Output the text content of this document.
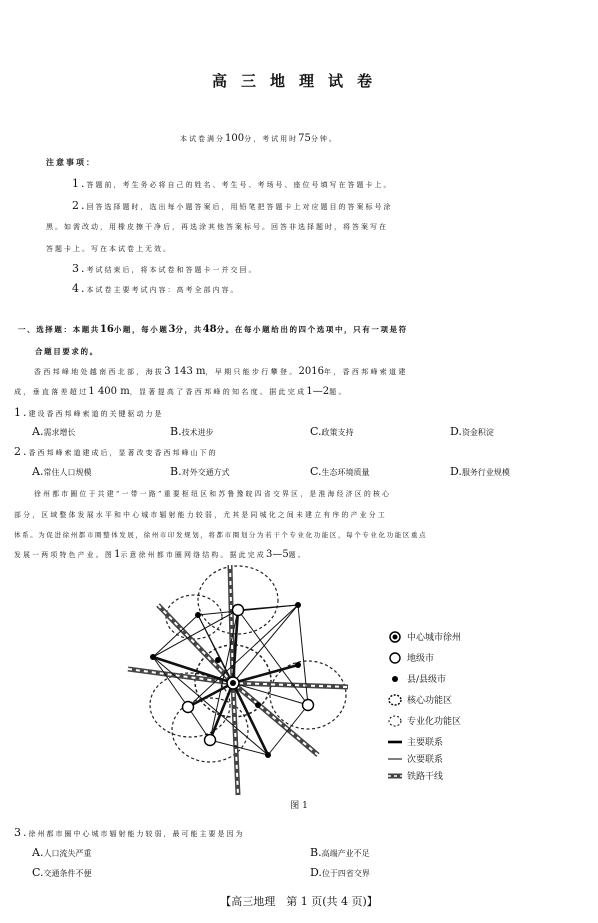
高三地理试卷
本试卷满分100分，考试用时75分钟。
注意事项：
1.答题前，考生务必将自己的姓名、考生号、考场号、座位号填写在答题卡上。
2.回答选择题时，选出每小题答案后，用铅笔把答题卡上对应题目的答案标号涂
黑。如需改动，用橡皮擦干净后，再选涂其他答案标号。回答非选择题时，将答案写在
答题卡上。写在本试卷上无效。
3.考试结束后，将本试卷和答题卡一并交回。
4.本试卷主要考试内容：高考全部内容。
一、选择题：本题共16小题，每小题3分，共48分。在每小题给出的四个选项中，只有一项是符
合题目要求的。
香西邦峰地处越南西北部，海拔3 143 m，早期只能步行攀登。2016年，香西邦峰索道建
成，垂直落差超过1 400 m，显著提高了香西邦峰的知名度。据此完成1—2题。
1.建设香西邦峰索道的关键驱动力是
A.需求增长	B.技术进步	C.政策支持	D.资金积淀
2.香西邦峰索道建成后，显著改变香西邦峰山下的
A.常住人口规模	B.对外交通方式	C.生态环境质量	D.服务行业规模
徐州都市圈位于共建“一带一路”重要枢纽区和苏鲁豫皖四省交界区，是淮海经济区的核心
部分，区域整体发展水平和中心城市辐射能力较弱，尤其是同城化之间未建立有序的产业分工
体系。为促进徐州都市圈整体发展，徐州市印发规划，将都市圈划分为若干个专业化功能区，每个专业化功能区重点
发展一两项特色产业。图1示意徐州都市圈网络结构。据此完成3—5题。
中心城市徐州
地级市
县/县级市
核心功能区
专业化功能区
主要联系
次要联系
铁路干线
图 1
3.徐州都市圈中心城市辐射能力较弱，最可能主要是因为
A.人口流失严重	B.高端产业不足
C.交通条件不便	D.位于四省交界
【高三地理　第 1 页(共 4 页)】
